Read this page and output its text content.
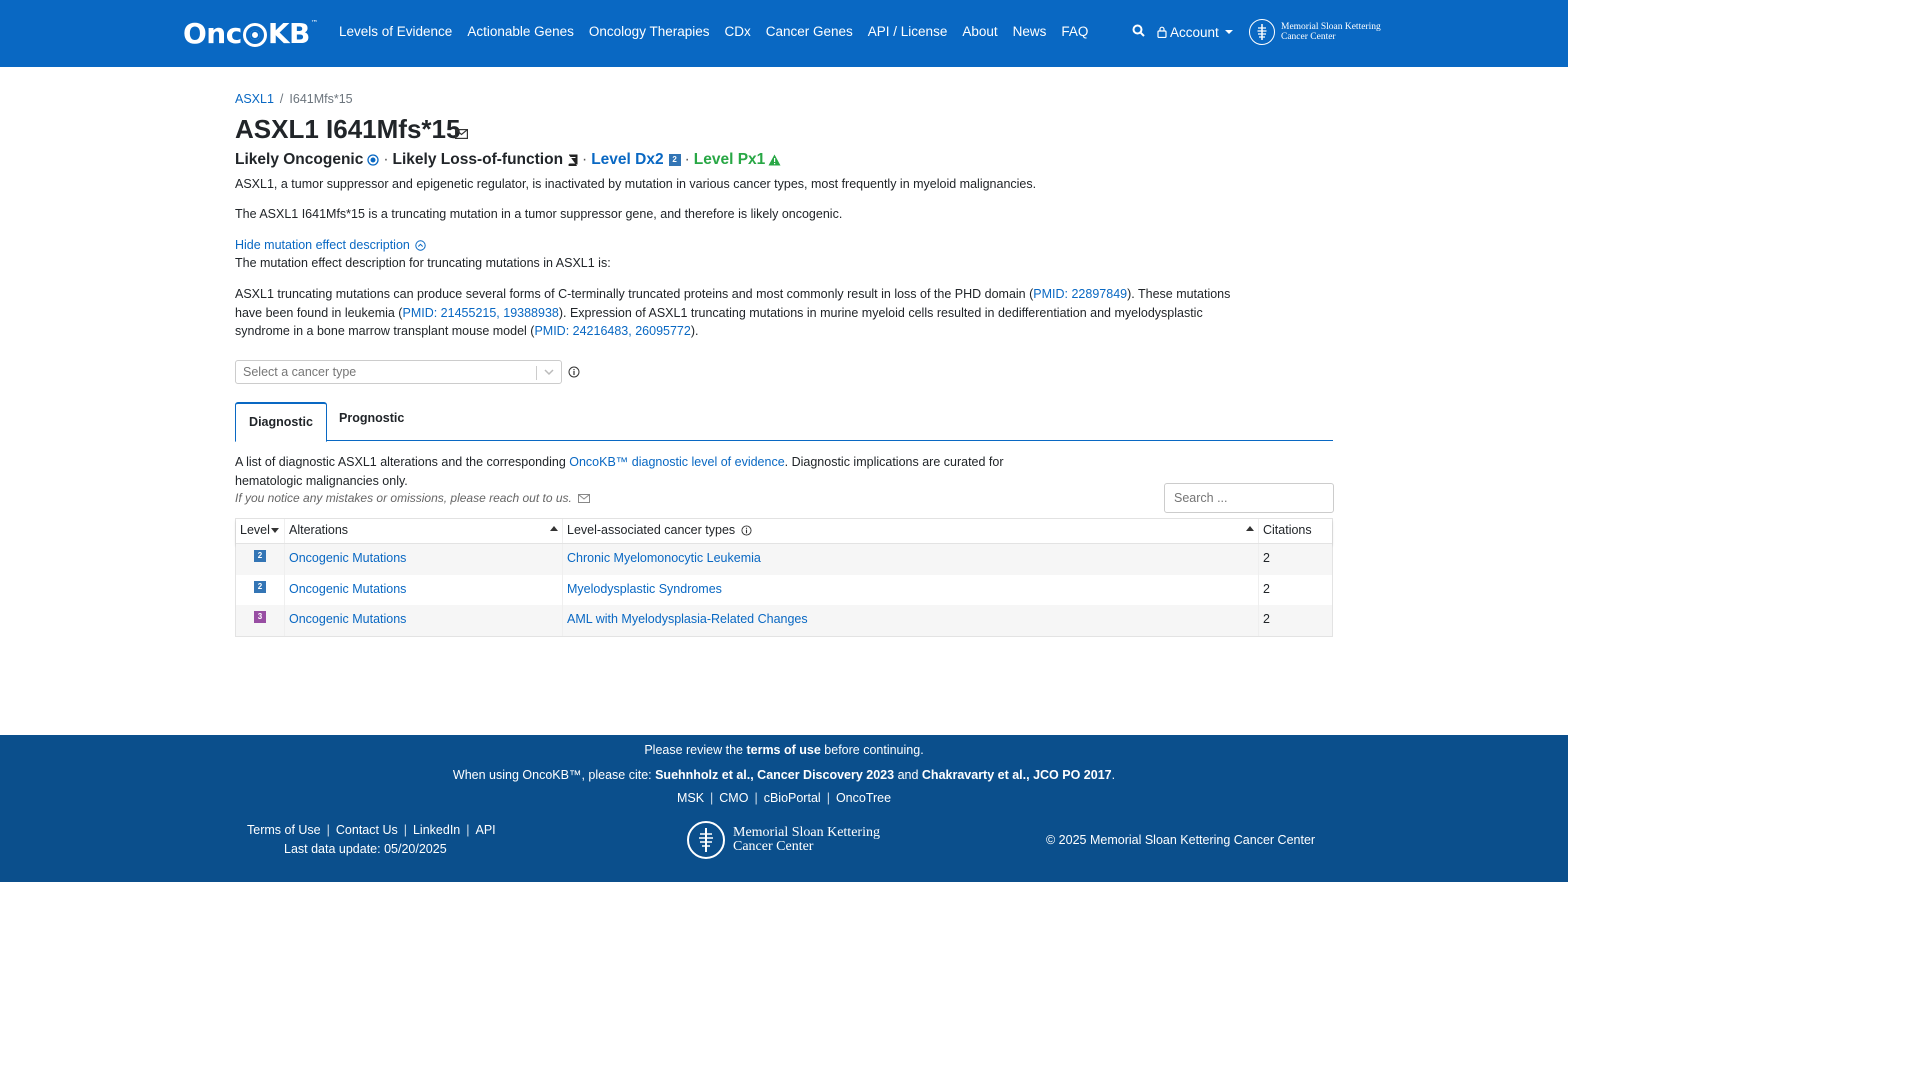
Onc KB ™
Levels of Evidence Actionable Genes Oncology Therapies CDx Cancer Genes API / License About News FAQ	Account	Memorial Sloan Kettering
Cancer Center
ASXL1 / I641Mfs*15
ASXL1 I641Mfs*15
Likely Oncogenic · Likely Loss-of-function · Level Dx2	2 · Level Px1
ASXL1, a tumor suppressor and epigenetic regulator, is inactivated by mutation in various cancer types, most frequently in myeloid malignancies.
The ASXL1 I641Mfs*15 is a truncating mutation in a tumor suppressor gene, and therefore is likely oncogenic.
Hide mutation effect description
The mutation effect description for truncating mutations in ASXL1 is:
ASXL1 truncating mutations can produce several forms of C-terminally truncated proteins and most commonly result in loss of the PHD domain (PMID: 22897849). These mutations
have been found in leukemia (PMID: 21455215, 19388938). Expression of ASXL1 truncating mutations in murine myeloid cells resulted in dedifferentiation and myelodysplastic
syndrome in a bone marrow transplant mouse model (PMID: 24216483, 26095772).
Select a cancer type
Diagnostic	Prognostic
A list of diagnostic ASXL1 alterations and the corresponding OncoKB™ diagnostic level of evidence. Diagnostic implications are curated for
hematologic malignancies only.
If you notice any mistakes or omissions, please reach out to us.
Search ...
Level	Alterations	Level-associated cancer types	Citations
2	Oncogenic Mutations	Chronic Myelomonocytic Leukemia	2
2	Oncogenic Mutations	Myelodysplastic Syndromes	2
3	Oncogenic Mutations	AML with Myelodysplasia-Related Changes	2
Please review the terms of use before continuing.
When using OncoKB™, please cite: Suehnholz et al., Cancer Discovery 2023 and Chakravarty et al., JCO PO 2017.
MSK | CMO | cBioPortal | OncoTree
Terms of Use | Contact Us | LinkedIn | API
Last data update: 05/20/2025
Memorial Sloan Kettering
Cancer Center	© 2025 Memorial Sloan Kettering Cancer Center
